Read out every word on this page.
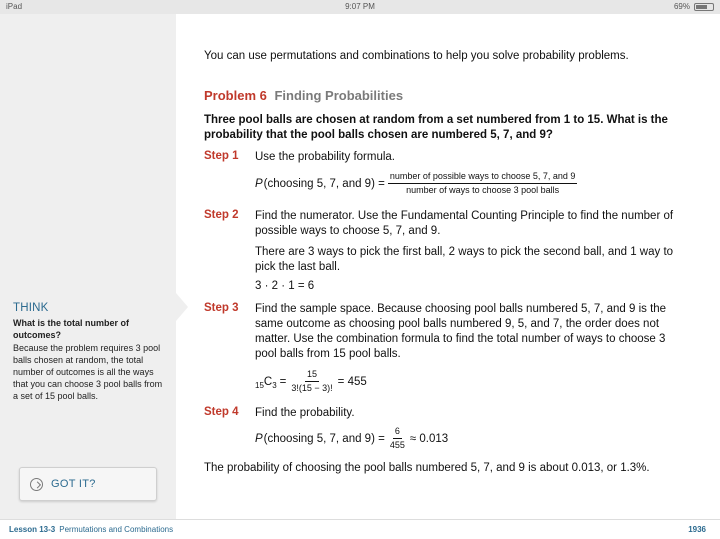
iPad	9:07 PM	69%
THINK
What is the total number of outcomes?
Because the problem requires 3 pool balls chosen at random, the total number of outcomes is all the ways that you can choose 3 pool balls from a set of 15 pool balls.
GOT IT?
You can use permutations and combinations to help you solve probability problems.
Problem 6 Finding Probabilities
Three pool balls are chosen at random from a set numbered from 1 to 15. What is the probability that the pool balls chosen are numbered 5, 7, and 9?
Step 1 Use the probability formula.
P (choosing 5, 7, and $9) = \frac{\text{number of possible ways to choose 5, 7, and 9}}{\text{number of ways to choose 3 pool balls}}$
Step 2 Find the numerator. Use the Fundamental Counting Principle to find the number of possible ways to choose 5, 7, and 9.
There are 3 ways to pick the first ball, 2 ways to pick the second ball, and 1 way to pick the last ball.
3 · 2 · 1 = 6
Step 3 Find the sample space. Because choosing pool balls numbered 5, 7, and 9 is the same outcome as choosing pool balls numbered 9, 5, and 7, the order does not matter. Use the combination formula to find the total number of ways to choose 3 pool balls from 15 pool balls.
15 C $3 = \frac{15}{3!(15 - 3)!} = 455$
Step 4 Find the probability.
P (choosing 5, 7, and $9) = \frac{6}{455} \approx 0.013$
The probability of choosing the pool balls numbered 5, 7, and 9 is about 0.013, or 1.3%.
Lesson 13-3 Permutations and Combinations	1936
